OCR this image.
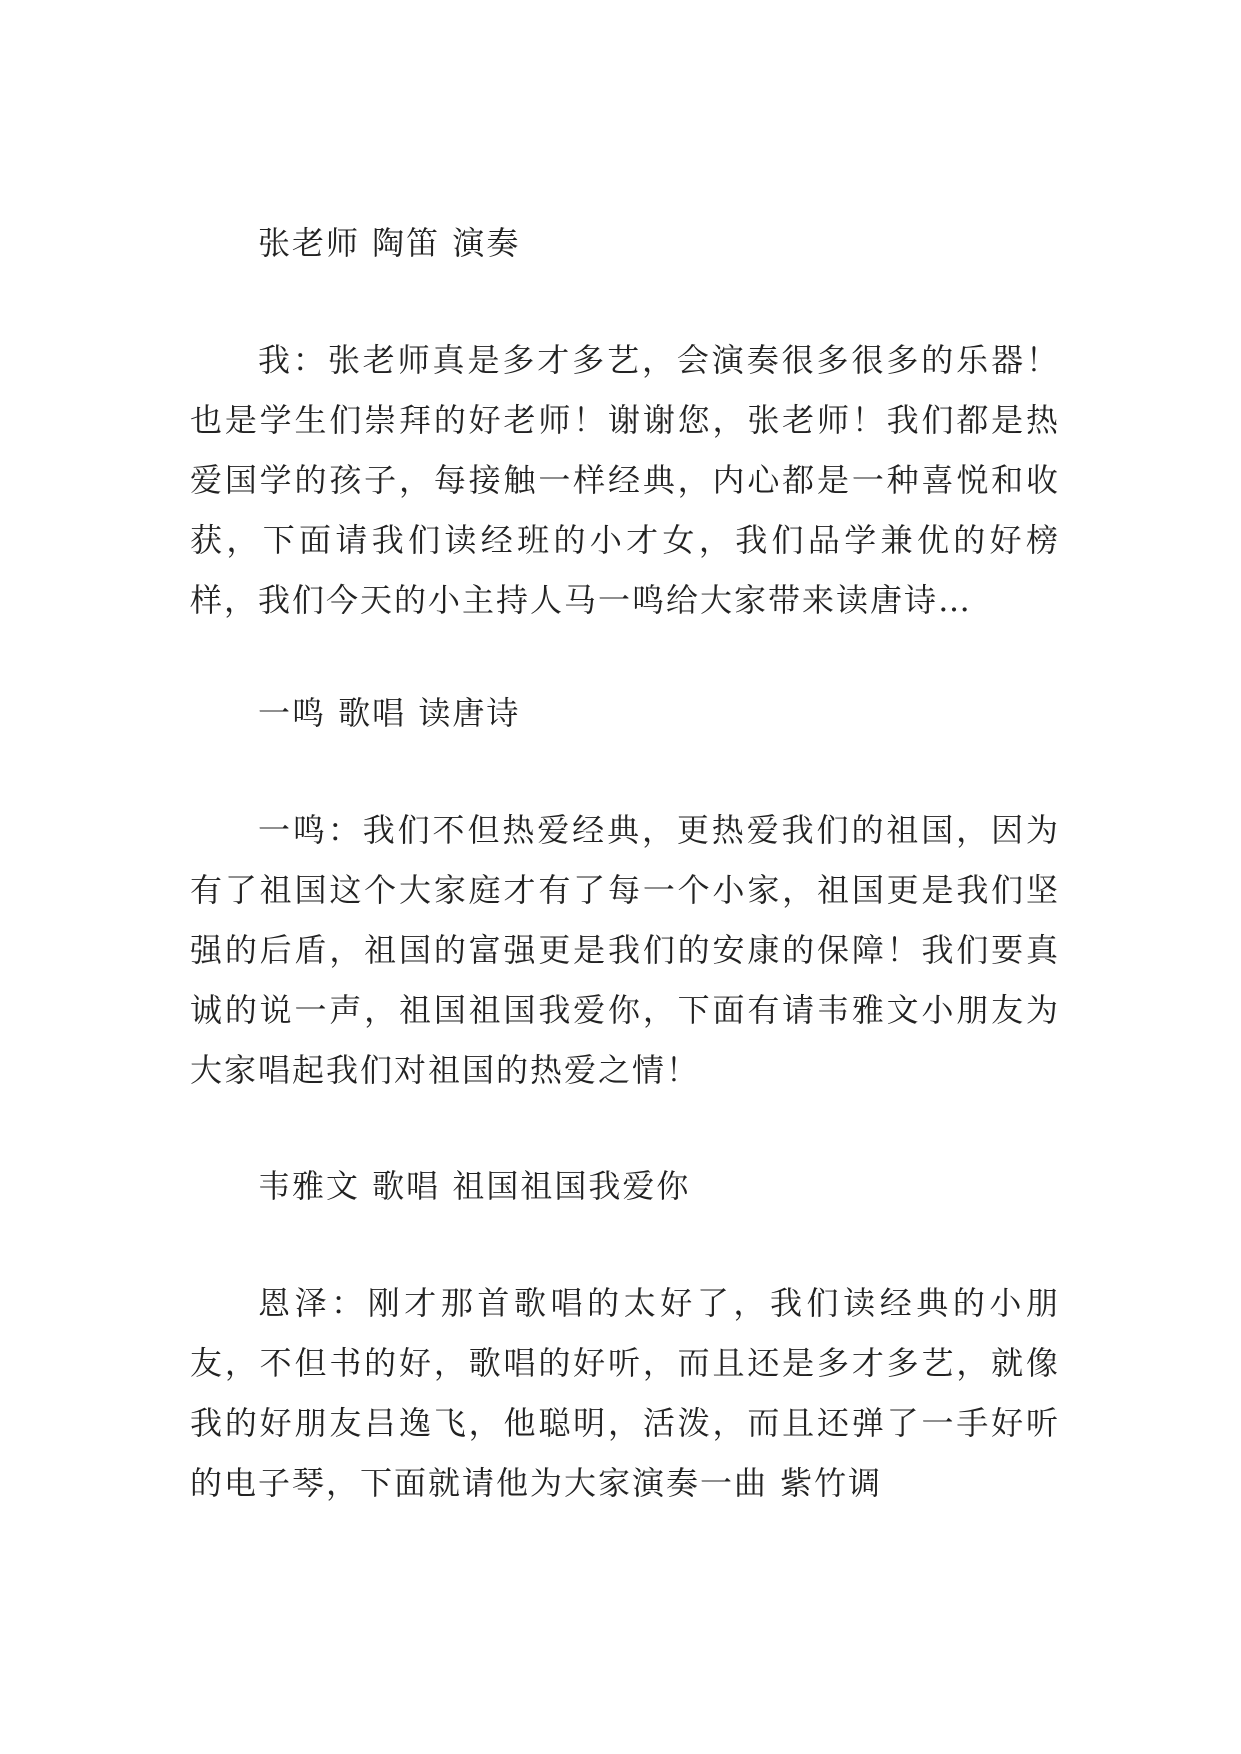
张老师 陶笛 演奏

我：张老师真是多才多艺，会演奏很多很多的乐器！也是学生们崇拜的好老师！谢谢您，张老师！我们都是热爱国学的孩子，每接触一样经典，内心都是一种喜悦和收获，下面请我们读经班的小才女，我们品学兼优的好榜样，我们今天的小主持人马一鸣给大家带来读唐诗…

一鸣 歌唱 读唐诗

一鸣：我们不但热爱经典，更热爱我们的祖国，因为有了祖国这个大家庭才有了每一个小家，祖国更是我们坚强的后盾，祖国的富强更是我们的安康的保障！我们要真诚的说一声，祖国祖国我爱你，下面有请韦雅文小朋友为大家唱起我们对祖国的热爱之情！

韦雅文 歌唱 祖国祖国我爱你

恩泽：刚才那首歌唱的太好了，我们读经典的小朋友，不但书的好，歌唱的好听，而且还是多才多艺，就像我的好朋友吕逸飞，他聪明，活泼，而且还弹了一手好听的电子琴，下面就请他为大家演奏一曲 紫竹调
